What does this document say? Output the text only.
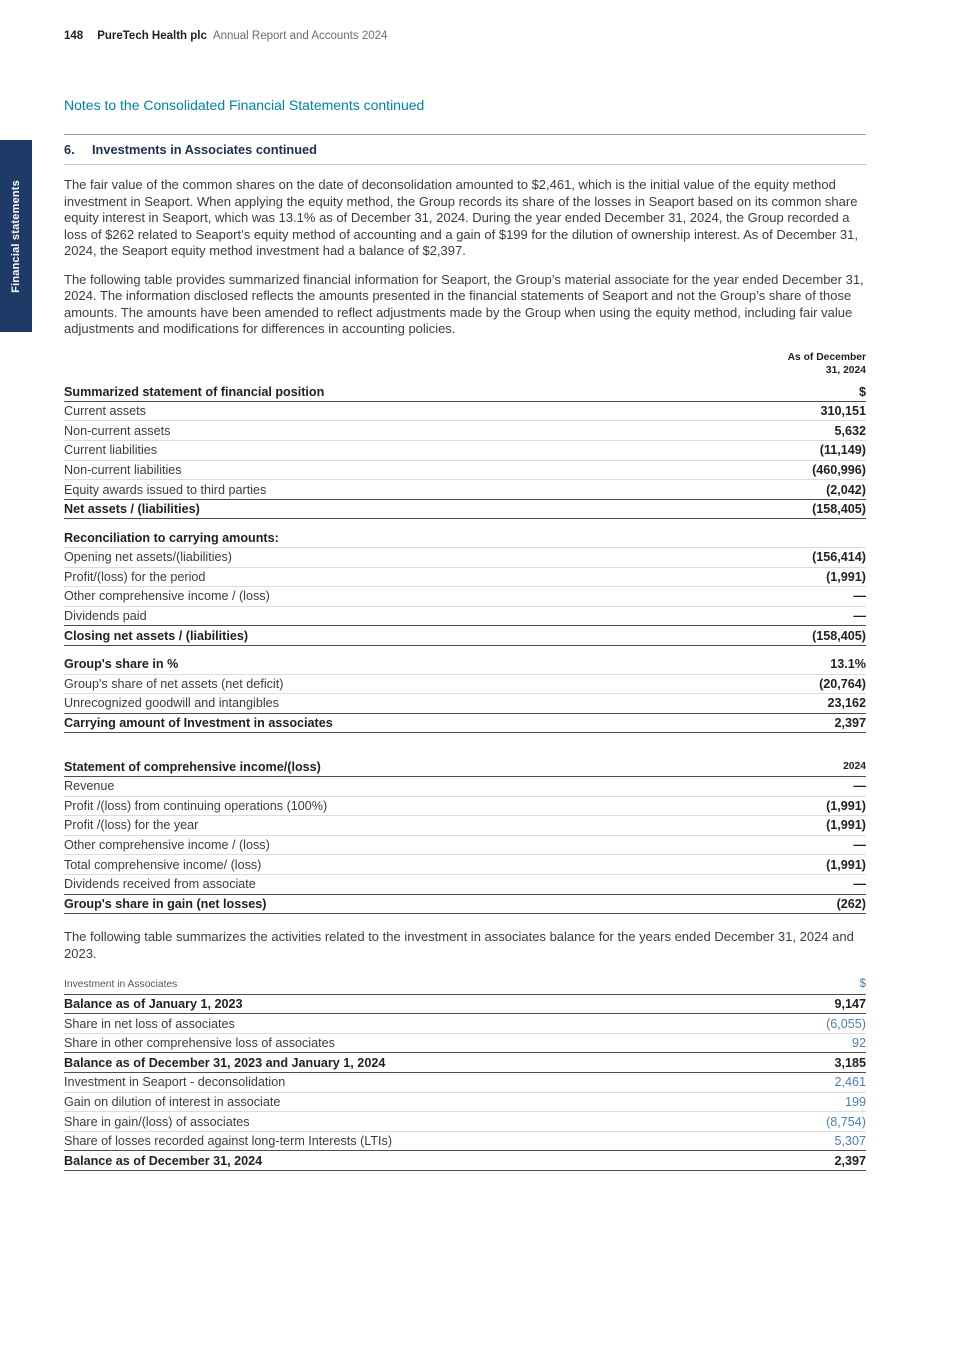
148 PureTech Health plc Annual Report and Accounts 2024
Financial statements
Notes to the Consolidated Financial Statements continued
6.	Investments in Associates continued

The fair value of the common shares on the date of deconsolidation amounted to $2,461, which is the initial value of the equity method investment in Seaport. When applying the equity method, the Group records its share of the losses in Seaport based on its common share equity interest in Seaport, which was 13.1% as of December 31, 2024. During the year ended December 31, 2024, the Group recorded a loss of $262 related to Seaport’s equity method of accounting and a gain of $199 for the dilution of ownership interest. As of December 31, 2024, the Seaport equity method investment had a balance of $2,397.

The following table provides summarized financial information for Seaport, the Group’s material associate for the year ended December 31, 2024. The information disclosed reflects the amounts presented in the financial statements of Seaport and not the Group’s share of those amounts. The amounts have been amended to reflect adjustments made by the Group when using the equity method, including fair value adjustments and modifications for differences in accounting policies.

As of December
31, 2024
Summarized statement of financial position	$
Current assets	310,151
Non-current assets	5,632
Current liabilities	(11,149)
Non-current liabilities	(460,996)
Equity awards issued to third parties	(2,042)
Net assets / (liabilities)	(158,405)
Reconciliation to carrying amounts:
Opening net assets/(liabilities)	(156,414)
Profit/(loss) for the period	(1,991)
Other comprehensive income / (loss)	—
Dividends paid	—
Closing net assets / (liabilities)	(158,405)
Group's share in %	13.1%
Group's share of net assets (net deficit)	(20,764)
Unrecognized goodwill and intangibles	23,162
Carrying amount of Investment in associates	2,397
Statement of comprehensive income/(loss)	2024
Revenue	—
Profit /(loss) from continuing operations (100%)	(1,991)
Profit /(loss) for the year	(1,991)
Other comprehensive income / (loss)	—
Total comprehensive income/ (loss)	(1,991)
Dividends received from associate	—
Group's share in gain (net losses)	(262)

The following table summarizes the activities related to the investment in associates balance for the years ended December 31, 2024 and 2023.

Investment in Associates	$
Balance as of January 1, 2023	9,147
Share in net loss of associates	(6,055)
Share in other comprehensive loss of associates	92
Balance as of December 31, 2023 and January 1, 2024	3,185
Investment in Seaport - deconsolidation	2,461
Gain on dilution of interest in associate	199
Share in gain/(loss) of associates	(8,754)
Share of losses recorded against long-term Interests (LTIs)	5,307
Balance as of December 31, 2024	2,397
